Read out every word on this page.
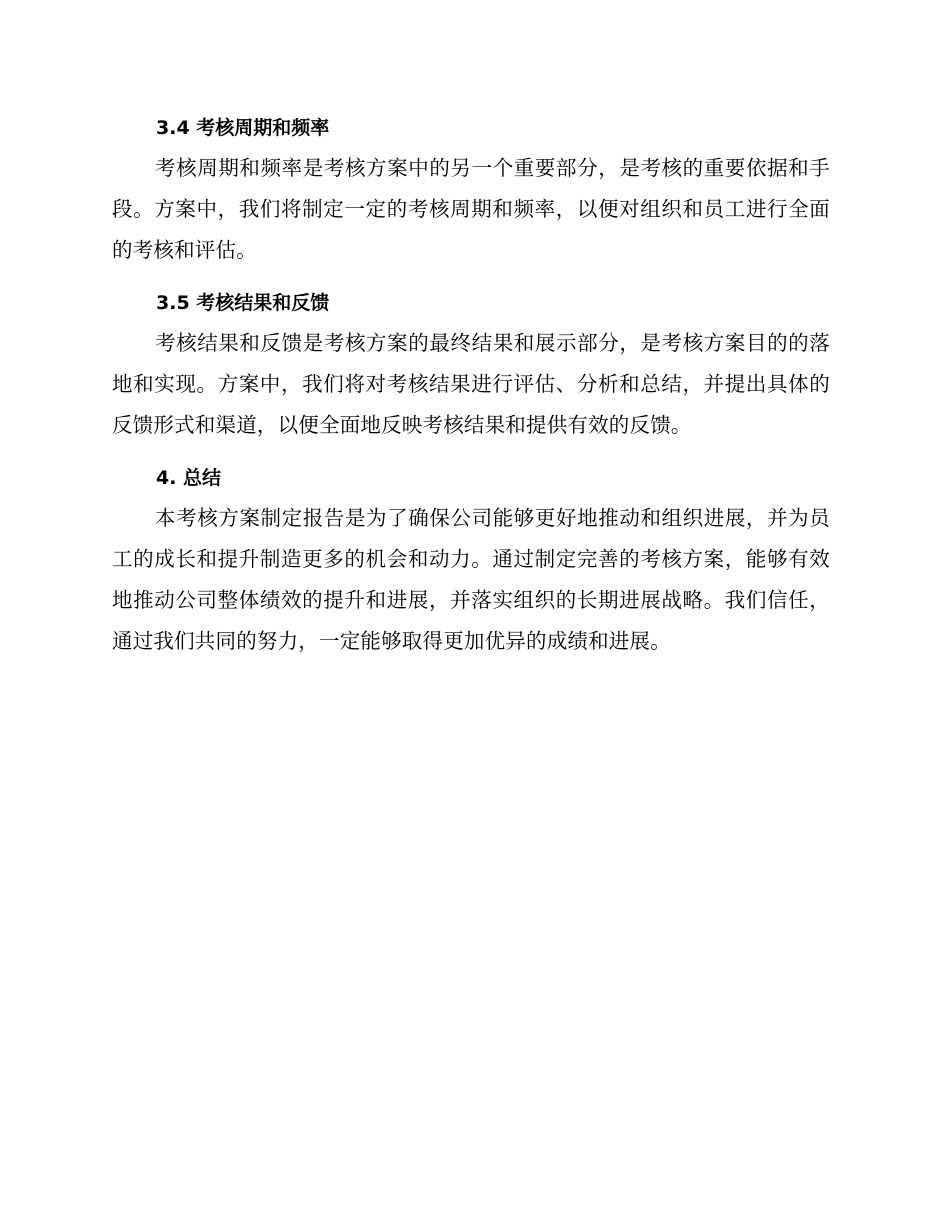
3.4 考核周期和频率

考核周期和频率是考核方案中的另一个重要部分，是考核的重要依据和手段。方案中，我们将制定一定的考核周期和频率，以便对组织和员工进行全面的考核和评估。

3.5 考核结果和反馈

考核结果和反馈是考核方案的最终结果和展示部分，是考核方案目的的落地和实现。方案中，我们将对考核结果进行评估、分析和总结，并提出具体的反馈形式和渠道，以便全面地反映考核结果和提供有效的反馈。

4. 总结

本考核方案制定报告是为了确保公司能够更好地推动和组织进展，并为员工的成长和提升制造更多的机会和动力。通过制定完善的考核方案，能够有效地推动公司整体绩效的提升和进展，并落实组织的长期进展战略。我们信任，通过我们共同的努力，一定能够取得更加优异的成绩和进展。
